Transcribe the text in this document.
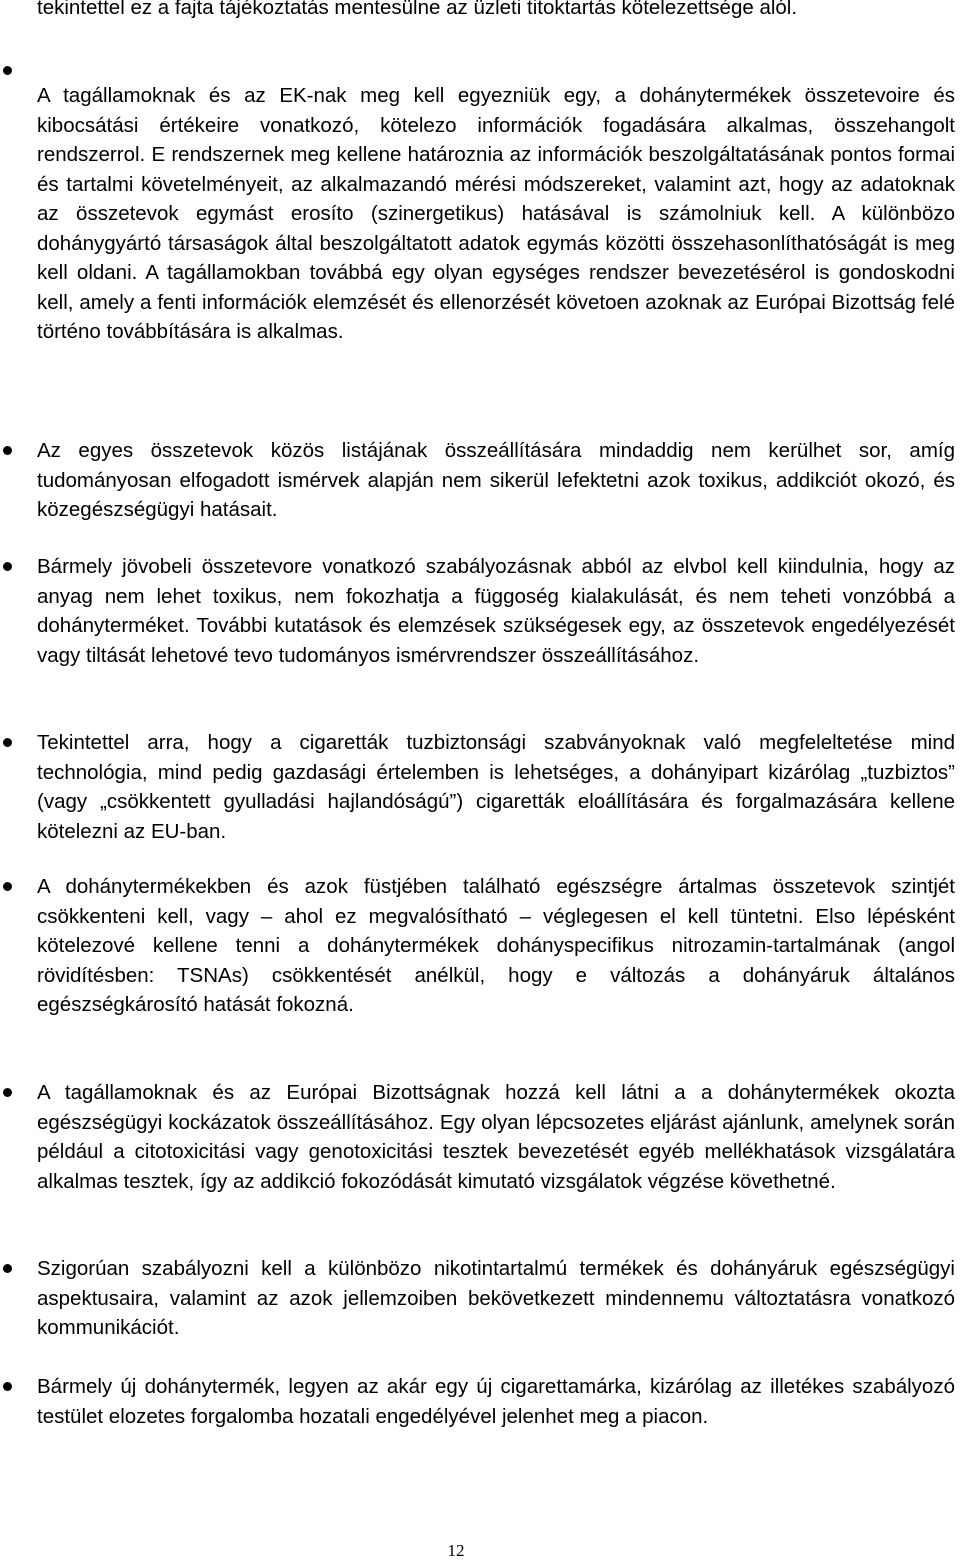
tekintettel ez a fajta tájékoztatás mentesülne az üzleti titoktartás kötelezettsége alól.

A tagállamoknak és az EK-nak meg kell egyezniük egy, a dohánytermékek összetevoire és kibocsátási értékeire vonatkozó, kötelezo információk fogadására alkalmas, összehangolt rendszerrol. E rendszernek meg kellene határoznia az információk beszolgáltatásának pontos formai és tartalmi követelményeit, az alkalmazandó mérési módszereket, valamint azt, hogy az adatoknak az összetevok egymást erosíto (szinergetikus) hatásával is számolniuk kell. A különbözo dohánygyártó társaságok által beszolgáltatott adatok egymás közötti összehasonlíthatóságát is meg kell oldani. A tagállamokban továbbá egy olyan egységes rendszer bevezetésérol is gondoskodni kell, amely a fenti információk elemzését és ellenorzését követoen azoknak az Európai Bizottság felé történo továbbítására is alkalmas.

Az egyes összetevok közös listájának összeállítására mindaddig nem kerülhet sor, amíg tudományosan elfogadott ismérvek alapján nem sikerül lefektetni azok toxikus, addikciót okozó, és közegészségügyi hatásait.

Bármely jövobeli összetevore vonatkozó szabályozásnak abból az elvbol kell kiindulnia, hogy az anyag nem lehet toxikus, nem fokozhatja a függoség kialakulását, és nem teheti vonzóbbá a dohányterméket. További kutatások és elemzések szükségesek egy, az összetevok engedélyezését vagy tiltását lehetové tevo tudományos ismérvrendszer összeállításához.

Tekintettel arra, hogy a cigaretták tuzbiztonsági szabványoknak való megfeleltetése mind technológia, mind pedig gazdasági értelemben is lehetséges, a dohányipart kizárólag „tuzbiztos” (vagy „csökkentett gyulladási hajlandóságú”) cigaretták eloállítására és forgalmazására kellene kötelezni az EU-ban.

A dohánytermékekben és azok füstjében található egészségre ártalmas összetevok szintjét csökkenteni kell, vagy – ahol ez megvalósítható – véglegesen el kell tüntetni. Elso lépésként kötelezové kellene tenni a dohánytermékek dohányspecifikus nitrozamin-tartalmának (angol rövidítésben: TSNAs) csökkentését anélkül, hogy e változás a dohányáruk általános egészségkárosító hatását fokozná.

A tagállamoknak és az Európai Bizottságnak hozzá kell látni a a dohánytermékek okozta egészségügyi kockázatok összeállításához. Egy olyan lépcsozetes eljárást ajánlunk, amelynek során például a citotoxicitási vagy genotoxicitási tesztek bevezetését egyéb mellékhatások vizsgálatára alkalmas tesztek, így az addikció fokozódását kimutató vizsgálatok végzése követhetné.

Szigorúan szabályozni kell a különbözo nikotintartalmú termékek és dohányáruk egészségügyi aspektusaira, valamint az azok jellemzoiben bekövetkezett mindennemu változtatásra vonatkozó kommunikációt.

Bármely új dohánytermék, legyen az akár egy új cigarettamárka, kizárólag az illetékes szabályozó testület elozetes forgalomba hozatali engedélyével jelenhet meg a piacon.

12
